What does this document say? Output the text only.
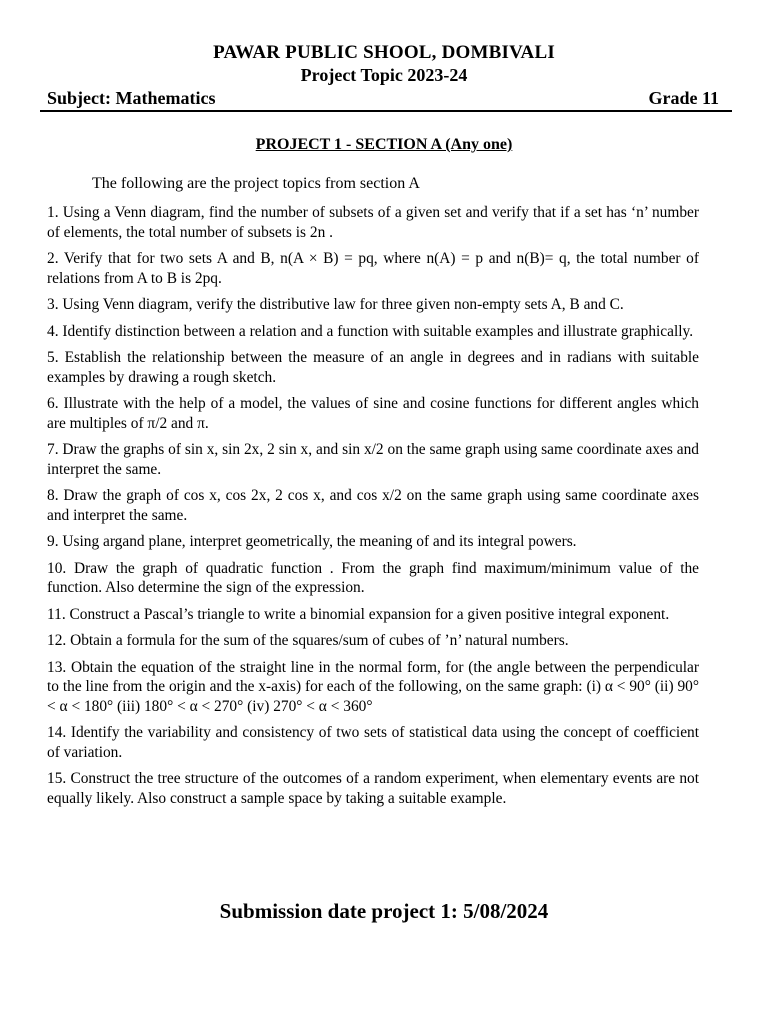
PAWAR PUBLIC SHOOL, DOMBIVALI
Project Topic 2023-24
Subject: Mathematics	Grade 11
PROJECT 1 - SECTION A (Any one)
The following are the project topics from section A

1. Using a Venn diagram, find the number of subsets of a given set and verify that if a set has ‘n’ number of elements, the total number of subsets is 2n .

2. Verify that for two sets A and B, n(A × B) = pq, where n(A) = p and n(B)= q, the total number of relations from A to B is 2pq.

3. Using Venn diagram, verify the distributive law for three given non-empty sets A, B and C.

4. Identify distinction between a relation and a function with suitable examples and illustrate graphically.

5. Establish the relationship between the measure of an angle in degrees and in radians with suitable examples by drawing a rough sketch.

6. Illustrate with the help of a model, the values of sine and cosine functions for different angles which are multiples of π/2 and π.

7. Draw the graphs of sin x, sin 2x, 2 sin x, and sin x/2 on the same graph using same coordinate axes and interpret the same.

8. Draw the graph of cos x, cos 2x, 2 cos x, and cos x/2 on the same graph using same coordinate axes and interpret the same.

9. Using argand plane, interpret geometrically, the meaning of and its integral powers.

10. Draw the graph of quadratic function . From the graph find maximum/minimum value of the function. Also determine the sign of the expression.

11. Construct a Pascal’s triangle to write a binomial expansion for a given positive integral exponent.

12. Obtain a formula for the sum of the squares/sum of cubes of ’n’ natural numbers.

13. Obtain the equation of the straight line in the normal form, for (the angle between the perpendicular to the line from the origin and the x-axis) for each of the following, on the same graph: (i) α < 90° (ii) 90° < α < 180° (iii) 180° < α < 270° (iv) 270° < α < 360°

14. Identify the variability and consistency of two sets of statistical data using the concept of coefficient of variation.

15. Construct the tree structure of the outcomes of a random experiment, when elementary events are not equally likely. Also construct a sample space by taking a suitable example.

Submission date project 1: 5/08/2024
